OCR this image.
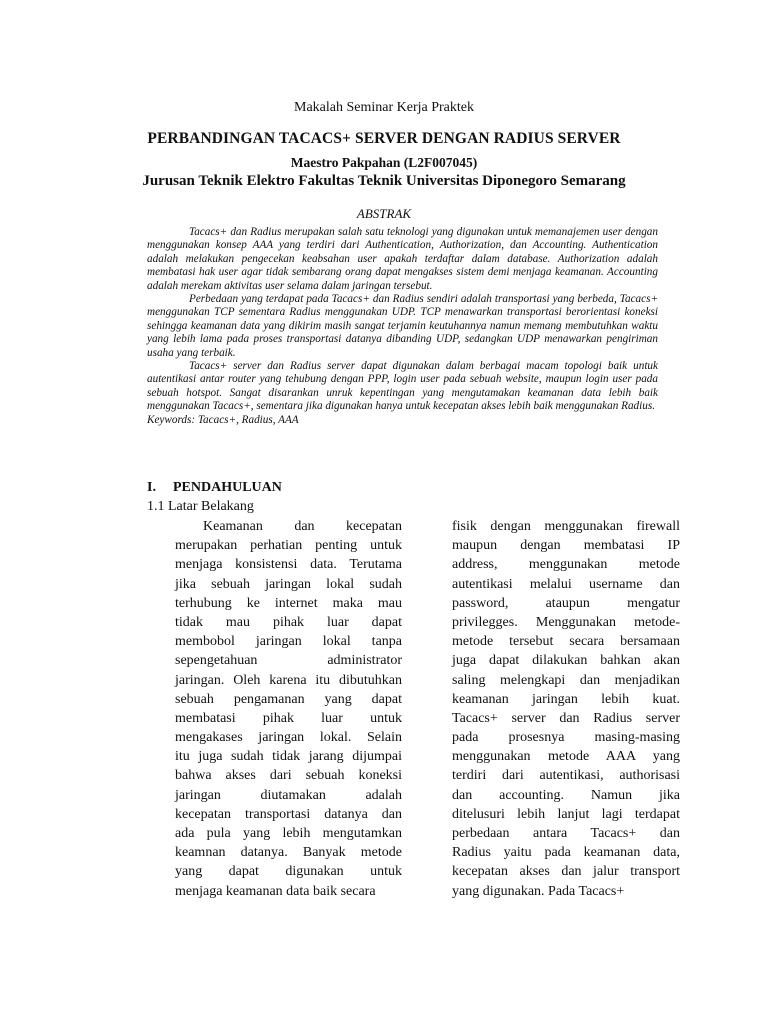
Makalah Seminar Kerja Praktek
PERBANDINGAN TACACS+ SERVER DENGAN RADIUS SERVER
Maestro Pakpahan (L2F007045)
Jurusan Teknik Elektro Fakultas Teknik Universitas Diponegoro Semarang
ABSTRAK

Tacacs+ dan Radius merupakan salah satu teknologi yang digunakan untuk memanajemen user dengan menggunakan konsep AAA yang terdiri dari Authentication, Authorization, dan Accounting. Authentication adalah melakukan pengecekan keabsahan user apakah terdaftar dalam database. Authorization adalah membatasi hak user agar tidak sembarang orang dapat mengakses sistem demi menjaga keamanan. Accounting adalah merekam aktivitas user selama dalam jaringan tersebut.

Perbedaan yang terdapat pada Tacacs+ dan Radius sendiri adalah transportasi yang berbeda, Tacacs+ menggunakan TCP sementara Radius menggunakan UDP. TCP menawarkan transportasi berorientasi koneksi sehingga keamanan data yang dikirim masih sangat terjamin keutuhannya namun memang membutuhkan waktu yang lebih lama pada proses transportasi datanya dibanding UDP, sedangkan UDP menawarkan pengiriman usaha yang terbaik.

Tacacs+ server dan Radius server dapat digunakan dalam berbagai macam topologi baik untuk autentikasi antar router yang tehubung dengan PPP, login user pada sebuah website, maupun login user pada sebuah hotspot. Sangat disarankan unruk kepentingan yang mengutamakan keamanan data lebih baik menggunakan Tacacs+, sementara jika digunakan hanya untuk kecepatan akses lebih baik menggunakan Radius.

Keywords: Tacacs+, Radius, AAA

I. PENDAHULUAN
1.1 Latar Belakang
Keamanan dan kecepatan
merupakan perhatian penting untuk
menjaga konsistensi data. Terutama
jika sebuah jaringan lokal sudah
terhubung ke internet maka mau
tidak mau pihak luar dapat
membobol jaringan lokal tanpa
sepengetahuan administrator
jaringan. Oleh karena itu dibutuhkan
sebuah pengamanan yang dapat
membatasi pihak luar untuk
mengakases jaringan lokal. Selain
itu juga sudah tidak jarang dijumpai
bahwa akses dari sebuah koneksi
jaringan diutamakan adalah
kecepatan transportasi datanya dan
ada pula yang lebih mengutamkan
keamnan datanya. Banyak metode
yang dapat digunakan untuk
menjaga keamanan data baik secara
fisik dengan menggunakan firewall
maupun dengan membatasi IP
address, menggunakan metode
autentikasi melalui username dan
password, ataupun mengatur
privilegges. Menggunakan metode-
metode tersebut secara bersamaan
juga dapat dilakukan bahkan akan
saling melengkapi dan menjadikan
keamanan jaringan lebih kuat.
Tacacs+ server dan Radius server
pada prosesnya masing-masing
menggunakan metode AAA yang
terdiri dari autentikasi, authorisasi
dan accounting. Namun jika
ditelusuri lebih lanjut lagi terdapat
perbedaan antara Tacacs+ dan
Radius yaitu pada keamanan data,
kecepatan akses dan jalur transport
yang digunakan. Pada Tacacs+
